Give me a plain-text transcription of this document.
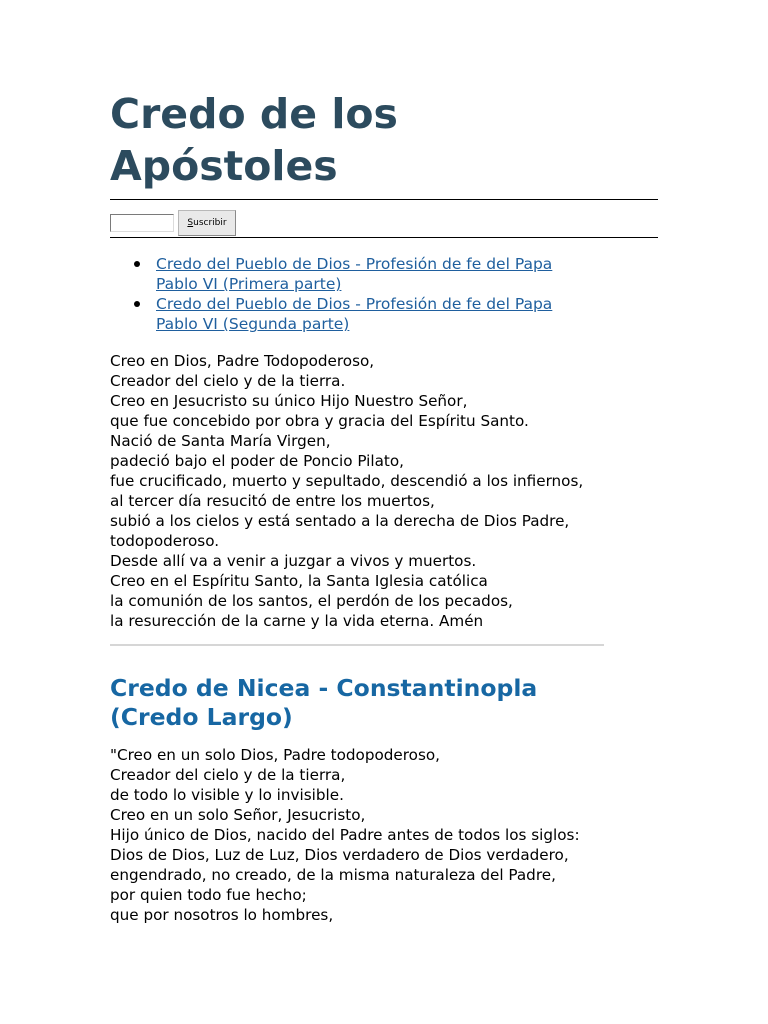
Credo de los
Apóstoles
Suscribir
Credo del Pueblo de Dios - Profesión de fe del Papa
Pablo VI (Primera parte)
Credo del Pueblo de Dios - Profesión de fe del Papa
Pablo VI (Segunda parte)
Creo en Dios, Padre Todopoderoso,
Creador del cielo y de la tierra.
Creo en Jesucristo su único Hijo Nuestro Señor,
que fue concebido por obra y gracia del Espíritu Santo.
Nació de Santa María Virgen,
padeció bajo el poder de Poncio Pilato,
fue crucificado, muerto y sepultado, descendió a los infiernos,
al tercer día resucitó de entre los muertos,
subió a los cielos y está sentado a la derecha de Dios Padre,
todopoderoso.
Desde allí va a venir a juzgar a vivos y muertos.
Creo en el Espíritu Santo, la Santa Iglesia católica
la comunión de los santos, el perdón de los pecados,
la resurección de la carne y la vida eterna. Amén
Credo de Nicea - Constantinopla
(Credo Largo)
"Creo en un solo Dios, Padre todopoderoso,
Creador del cielo y de la tierra,
de todo lo visible y lo invisible.
Creo en un solo Señor, Jesucristo,
Hijo único de Dios, nacido del Padre antes de todos los siglos:
Dios de Dios, Luz de Luz, Dios verdadero de Dios verdadero,
engendrado, no creado, de la misma naturaleza del Padre,
por quien todo fue hecho;
que por nosotros lo hombres,
